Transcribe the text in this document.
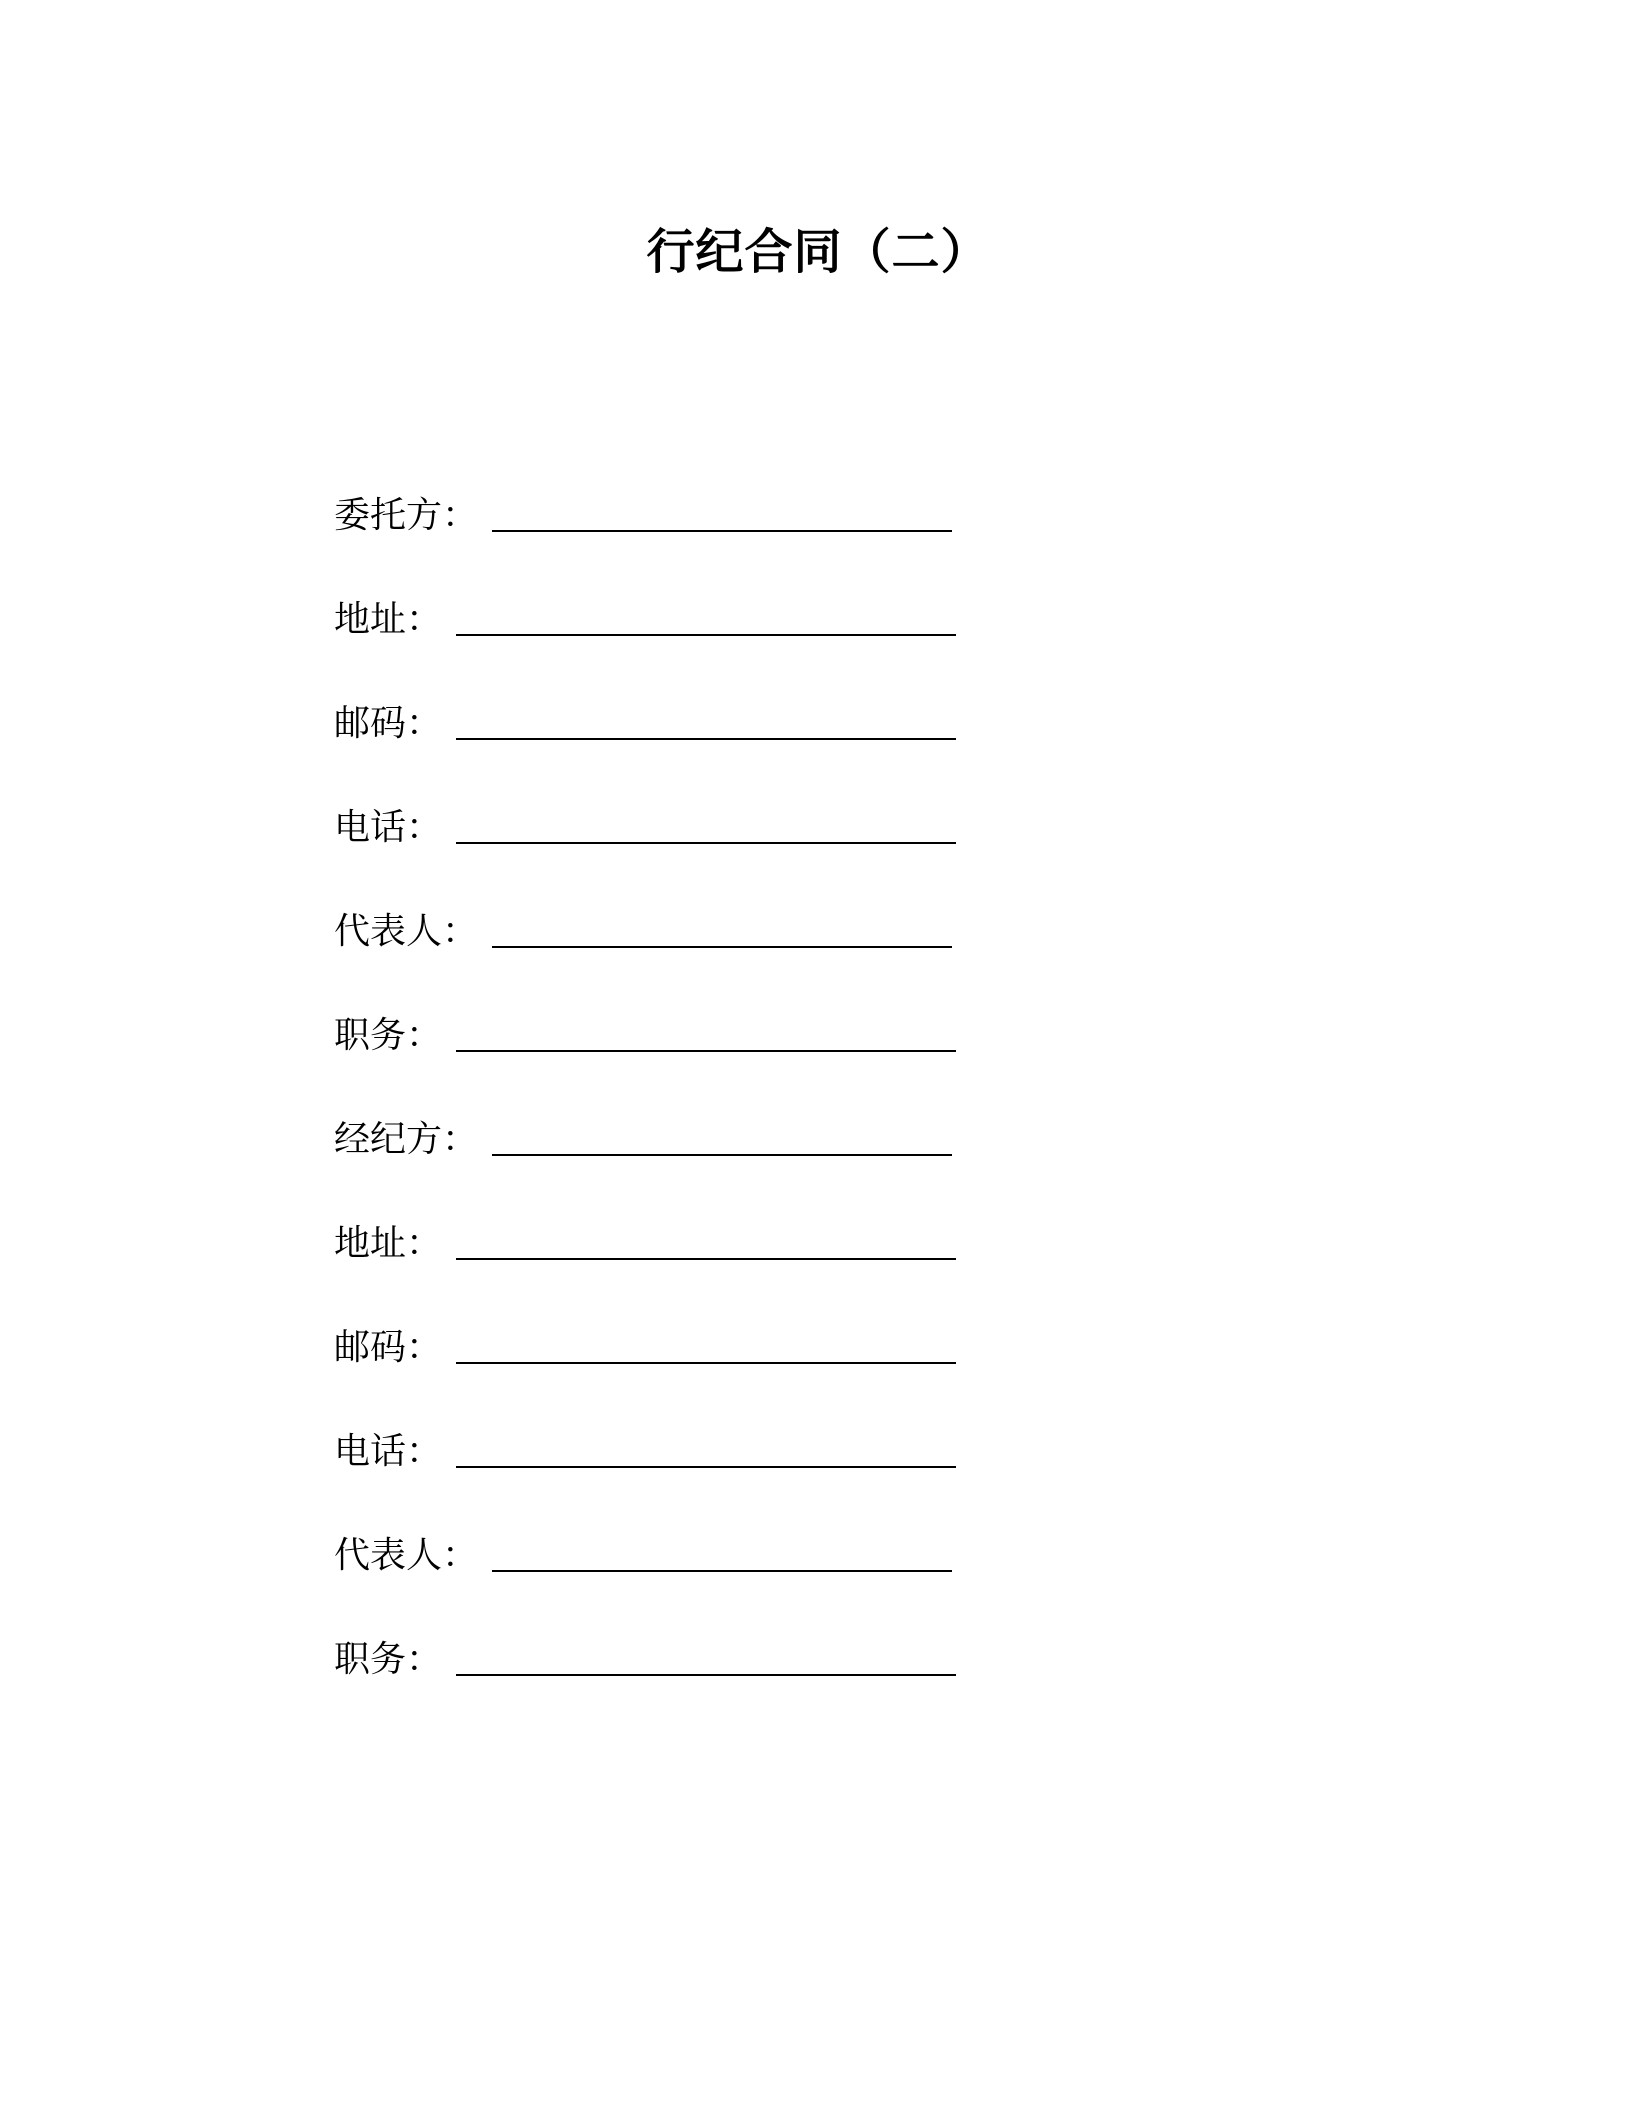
行纪合同（二）
委托方：
地址：
邮码：
电话：
代表人：
职务：
经纪方：
地址：
邮码：
电话：
代表人：
职务：
